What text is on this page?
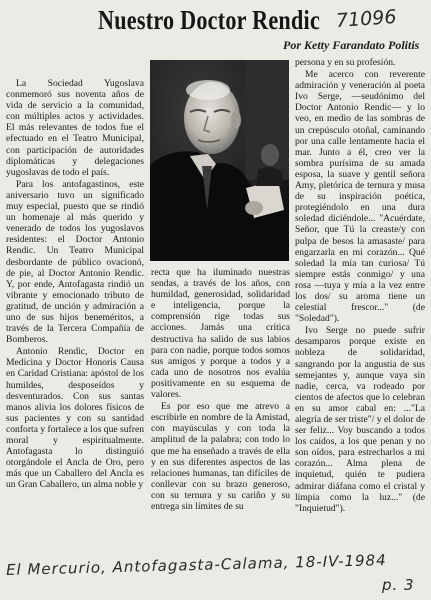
Nuestro Doctor Rendic 71096
Por Ketty Farandato Politis

La Sociedad Yugoslava conmemoró sus noventa años de vida de servicio a la comunidad, con múltiples actos y actividades. El más relevantes de todos fue el efectuado en el Teatro Municipal, con participación de autoridades diplomáticas y delegaciones yugoslavas de todo el país.

Para los antofagastinos, este aniversario tuvo un significado muy especial, puesto que se rindió un homenaje al más querido y venerado de todos los yugoslavos residentes: el Doctor Antonio Rendic. Un Teatro Municipal desbordante de público ovacionó, de pie, al Doctor Antonio Rendic. Y, por ende, Antofagasta rindió un vibrante y emocionado tributo de gratitud, de unción y admiración a uno de sus hijos beneméritos, a través de la Tercera Compañía de Bomberos.

Antonio Rendic, Doctor en Medicina y Doctor Honoris Causa en Caridad Cristiana: apóstol de los humildes, desposeídos y desventurados. Con sus santas manos alivia los dolores físicos de sus pacientes y con su santidad conforta y fortalece a los que sufren moral y espiritualmente. Antofagasta lo distinguió otorgándole el Ancla de Oro, pero más que un Caballero del Ancla es un Gran Caballero, un alma noble y

recta que ha iluminado nuestras sendas, a través de los años, con humildad, generosidad, solidaridad e inteligencia, porque la comprensión rige todas sus acciones. Jamás una crítica destructiva ha salido de sus labios para con nadie, porque todos somos sus amigos y porque a todos y a cada uno de nosotros nos evalúa positivamente en su esquema de valores.

Es por eso que me atrevo a escribirle en nombre de la Amistad, con mayúsculas y con toda la amplitud de la palabra; con todo lo que me ha enseñado a través de ella y en sus diferentes aspectos de las relaciones humanas, tan difíciles de conllevar con su brazo generoso, con su ternura y su cariño y su entrega sin límites de su

persona y en su profesión.

Me acerco con reverente admiración y veneración al poeta Ivo Serge, —seudónimo del Doctor Antonio Rendic— y lo veo, en medio de las sombras de un crepúsculo otoñal, caminando por una calle lentamente hacia el mar. Junto a él, creo ver la sombra purísima de su amada esposa, la suave y gentil señora Amy, pletórica de ternura y musa de su inspiración poética, protegiéndolo en una dura soledad diciéndole... "Acuérdate, Señor, que Tú la creaste/y con pulpa de besos la amasaste/ para engarzarla en mi corazón... Qué soledad la mía tan curiosa/ Tú siempre estás conmigo/ y una rosa —tuya y mía a la vez entre los dos/ su aroma tiene un celestial frescor..." (de "Soledad").

Ivo Serge no puede sufrir desamparos porque existe en nobleza de solidaridad, sangrando por la angustia de sus semejantes y, aunque vaya sin nadie, cerca, va rodeado por cientos de afectos que lo celebran en su amor cabal en: ..."La alegría de ser triste"/ y el dolor de ser feliz... Voy buscando a todos los caídos, a los que penan y no son oídos, para estrecharlos a mi corazón... Alma plena de inquietud, quién te pudiera admirar diáfana como el cristal y límpia como la luz..." (de "Inquietud").

El Mercurio, Antofagasta-Calama, 18-IV-1984
p. 3
